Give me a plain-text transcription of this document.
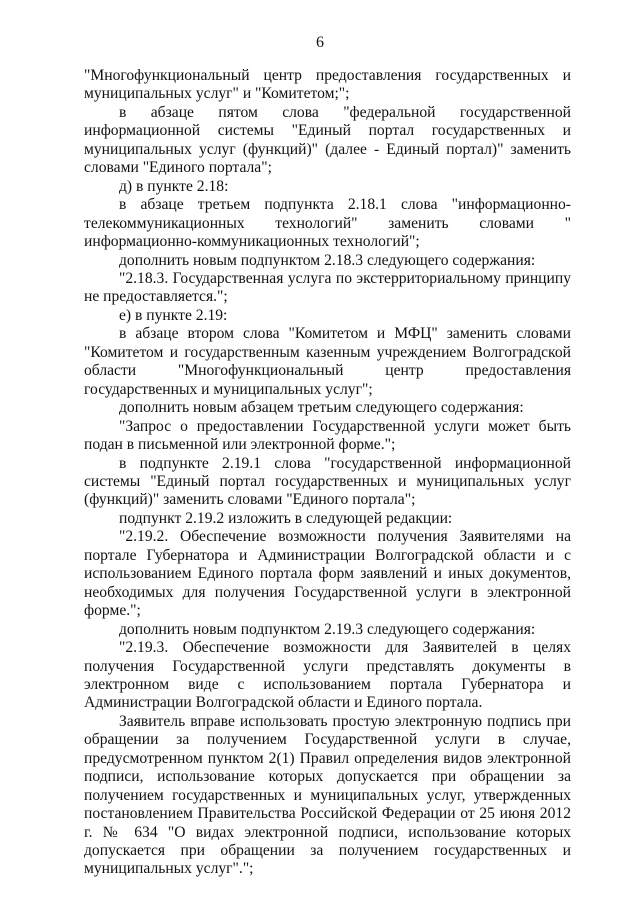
6

"Многофункциональный центр предоставления государственных и муниципальных услуг" и "Комитетом;";

в абзаце пятом слова "федеральной государственной информационной системы "Единый портал государственных и муниципальных услуг (функций)" (далее - Единый портал)" заменить словами "Единого портала";

д) в пункте 2.18:

в абзаце третьем подпункта 2.18.1 слова "информационно-телекоммуникационных технологий" заменить словами " информационно-коммуникационных технологий";

дополнить новым подпунктом 2.18.3 следующего содержания:

"2.18.3. Государственная услуга по экстерриториальному принципу не предоставляется.";

е) в пункте 2.19:

в абзаце втором слова "Комитетом и МФЦ" заменить словами "Комитетом и государственным казенным учреждением Волгоградской области "Многофункциональный центр предоставления государственных и муниципальных услуг";

дополнить новым абзацем третьим следующего содержания:

"Запрос о предоставлении Государственной услуги может быть подан в письменной или электронной форме.";

в подпункте 2.19.1 слова "государственной информационной системы "Единый портал государственных и муниципальных услуг (функций)" заменить словами "Единого портала";

подпункт 2.19.2 изложить в следующей редакции:

"2.19.2. Обеспечение возможности получения Заявителями на портале Губернатора и Администрации Волгоградской области и с использованием Единого портала форм заявлений и иных документов, необходимых для получения Государственной услуги в электронной форме.";

дополнить новым подпунктом 2.19.3 следующего содержания:

"2.19.3. Обеспечение возможности для Заявителей в целях получения Государственной услуги представлять документы в электронном виде с использованием портала Губернатора и Администрации Волгоградской области и Единого портала.

Заявитель вправе использовать простую электронную подпись при обращении за получением Государственной услуги в случае, предусмотренном пунктом 2(1) Правил определения видов электронной подписи, использование которых допускается при обращении за получением государственных и муниципальных услуг, утвержденных постановлением Правительства Российской Федерации от 25 июня 2012 г. № 634 "О видах электронной подписи, использование которых допускается при обращении за получением государственных и муниципальных услуг".";
